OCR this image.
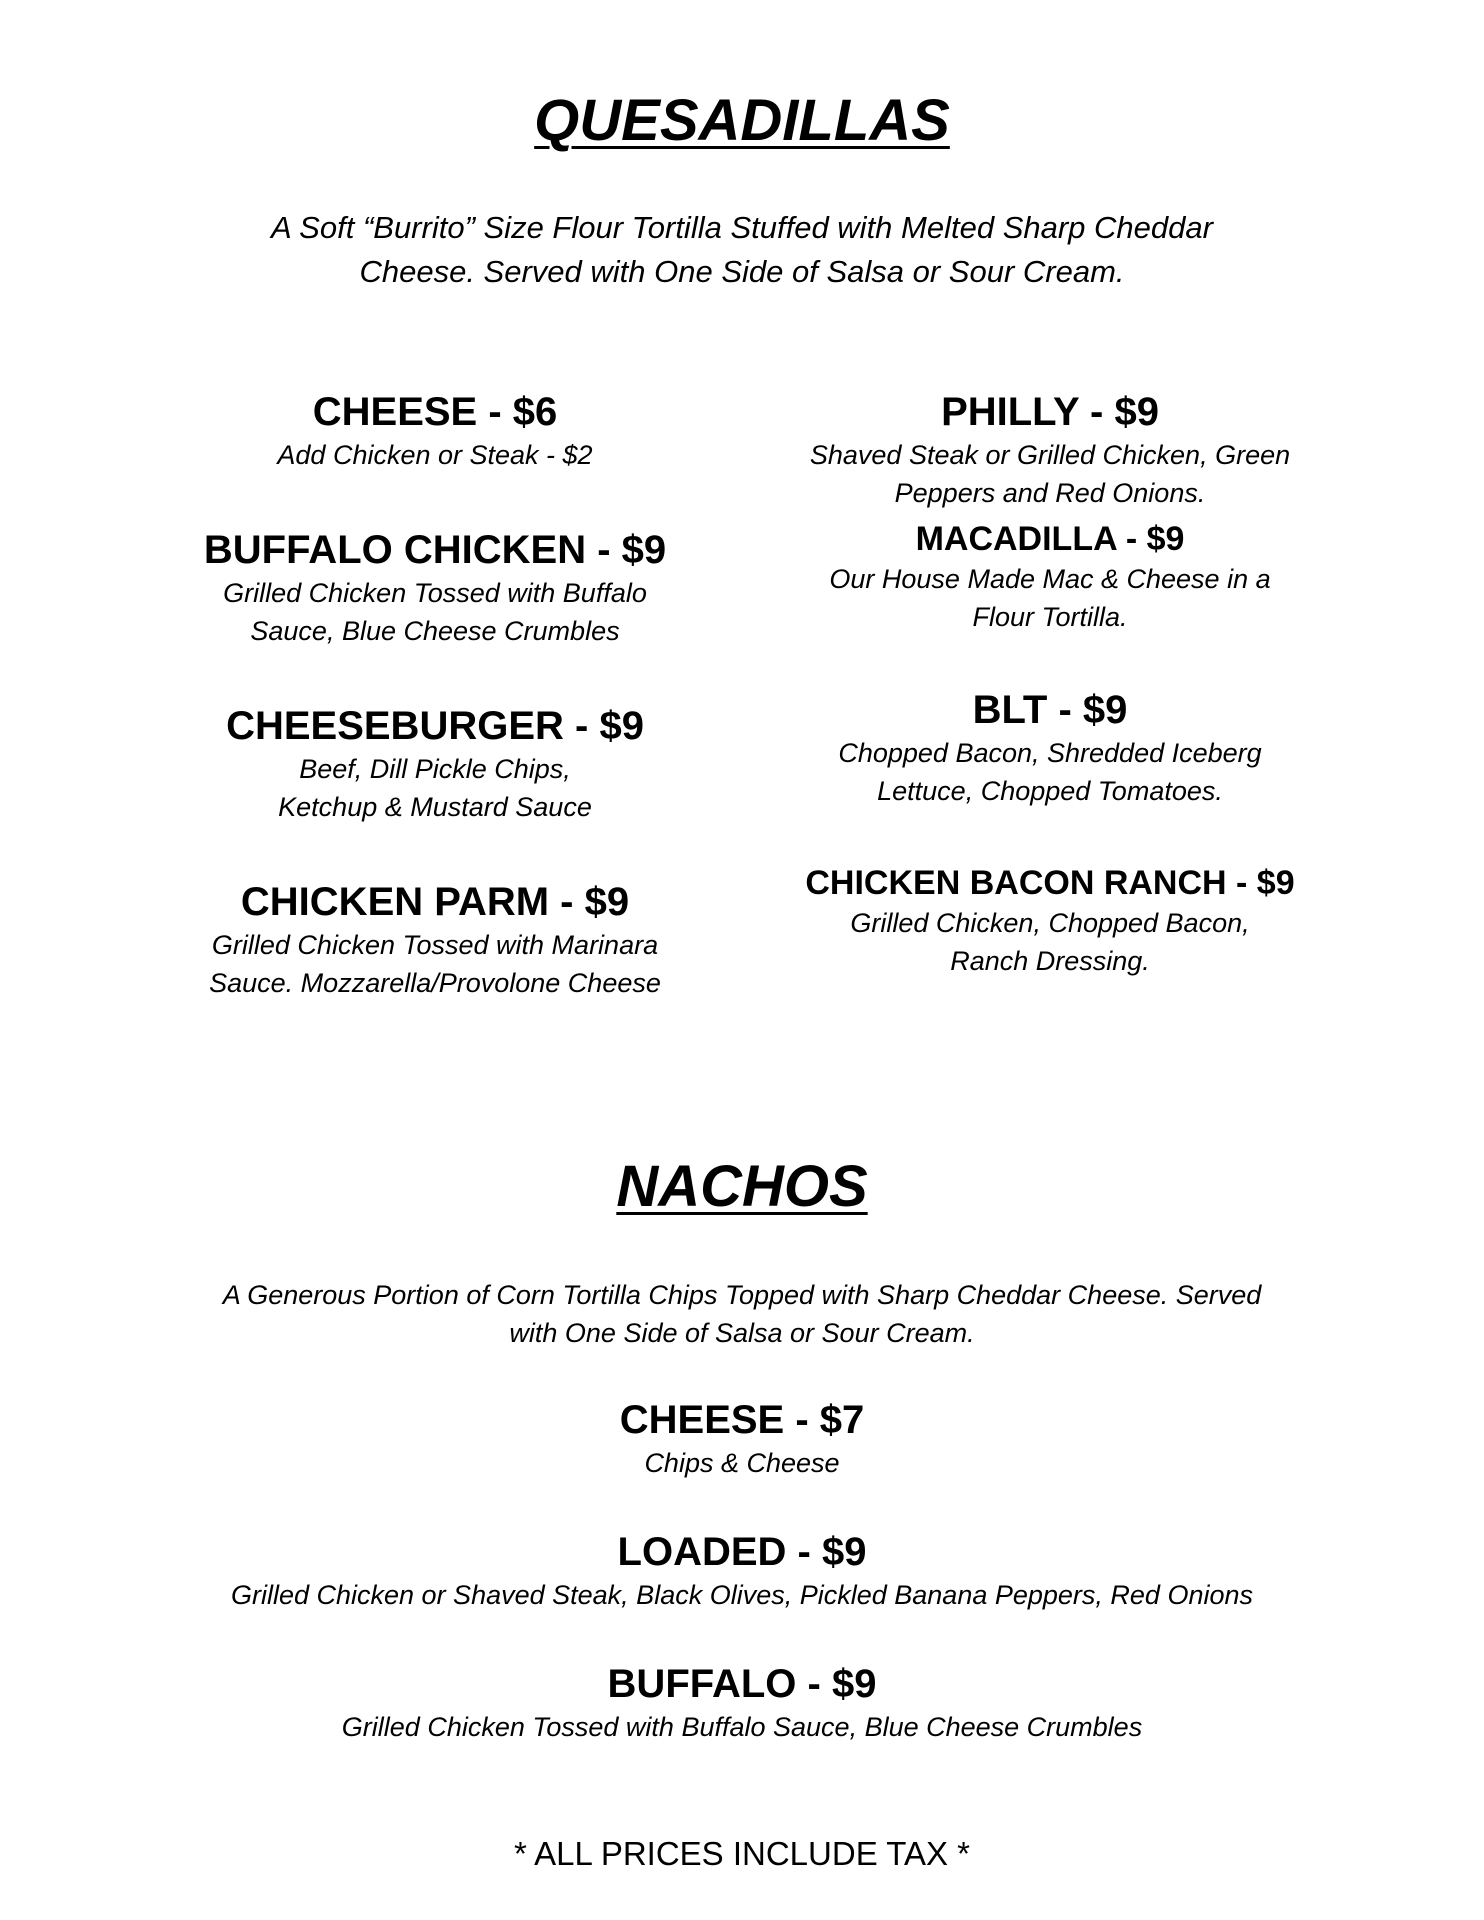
QUESADILLAS

A Soft “Burrito” Size Flour Tortilla Stuffed with Melted Sharp Cheddar
Cheese. Served with One Side of Salsa or Sour Cream.

CHEESE - $6

Add Chicken or Steak - $2

BUFFALO CHICKEN - $9

Grilled Chicken Tossed with Buffalo
Sauce, Blue Cheese Crumbles

CHEESEBURGER - $9

Beef, Dill Pickle Chips,
Ketchup & Mustard Sauce

CHICKEN PARM - $9

Grilled Chicken Tossed with Marinara
Sauce. Mozzarella/Provolone Cheese

PHILLY - $9

Shaved Steak or Grilled Chicken, Green
Peppers and Red Onions.

MACADILLA - $9

Our House Made Mac & Cheese in a
Flour Tortilla.

BLT - $9

Chopped Bacon, Shredded Iceberg
Lettuce, Chopped Tomatoes.

CHICKEN BACON RANCH - $9

Grilled Chicken, Chopped Bacon,
Ranch Dressing.

NACHOS

A Generous Portion of Corn Tortilla Chips Topped with Sharp Cheddar Cheese. Served
with One Side of Salsa or Sour Cream.

CHEESE - $7

Chips & Cheese

LOADED - $9

Grilled Chicken or Shaved Steak, Black Olives, Pickled Banana Peppers, Red Onions

BUFFALO - $9

Grilled Chicken Tossed with Buffalo Sauce, Blue Cheese Crumbles

* ALL PRICES INCLUDE TAX *
